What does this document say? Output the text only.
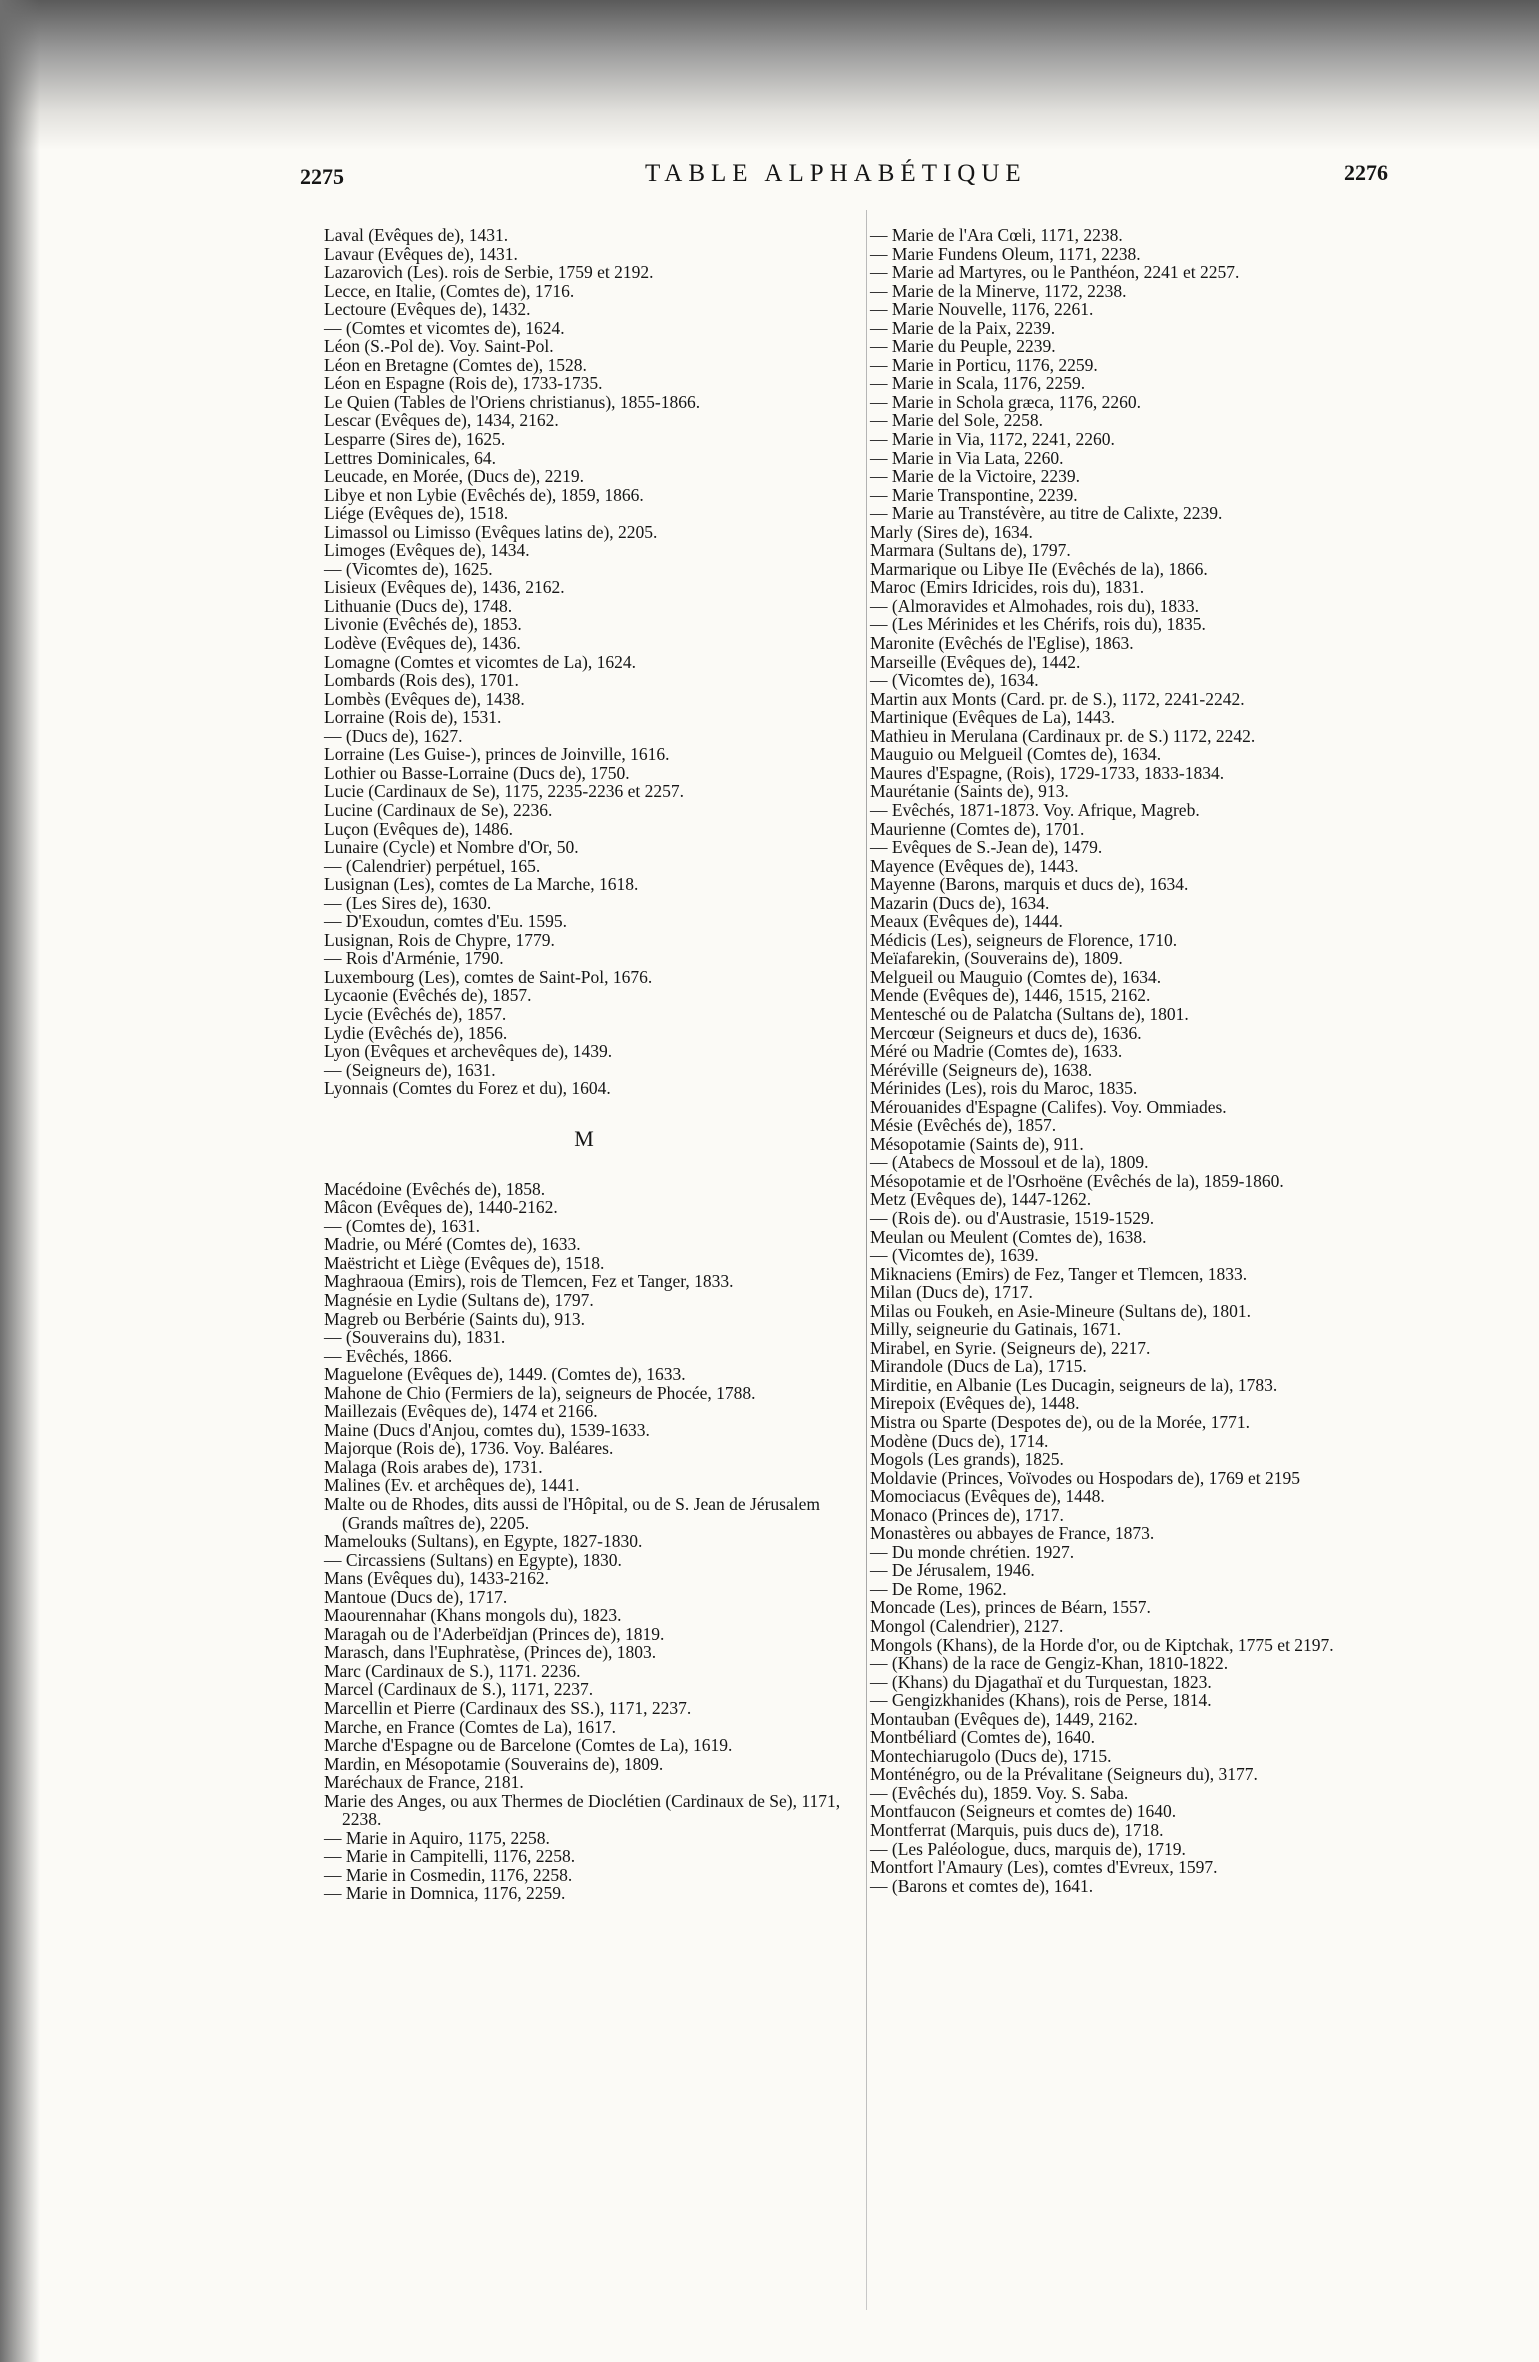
2275	TABLE ALPHABÉTIQUE	2276

Laval (Evêques de), 1431.

Lavaur (Evêques de), 1431.

Lazarovich (Les). rois de Serbie, 1759 et 2192.

Lecce, en Italie, (Comtes de), 1716.

Lectoure (Evêques de), 1432.

— (Comtes et vicomtes de), 1624.

Léon (S.-Pol de). Voy. Saint-Pol.

Léon en Bretagne (Comtes de), 1528.

Léon en Espagne (Rois de), 1733-1735.

Le Quien (Tables de l'Oriens christianus), 1855-1866.

Lescar (Evêques de), 1434, 2162.

Lesparre (Sires de), 1625.

Lettres Dominicales, 64.

Leucade, en Morée, (Ducs de), 2219.

Libye et non Lybie (Evêchés de), 1859, 1866.

Liége (Evêques de), 1518.

Limassol ou Limisso (Evêques latins de), 2205.

Limoges (Evêques de), 1434.

— (Vicomtes de), 1625.

Lisieux (Evêques de), 1436, 2162.

Lithuanie (Ducs de), 1748.

Livonie (Evêchés de), 1853.

Lodève (Evêques de), 1436.

Lomagne (Comtes et vicomtes de La), 1624.

Lombards (Rois des), 1701.

Lombès (Evêques de), 1438.

Lorraine (Rois de), 1531.

— (Ducs de), 1627.

Lorraine (Les Guise-), princes de Joinville, 1616.

Lothier ou Basse-Lorraine (Ducs de), 1750.

Lucie (Cardinaux de Se), 1175, 2235-2236 et 2257.

Lucine (Cardinaux de Se), 2236.

Luçon (Evêques de), 1486.

Lunaire (Cycle) et Nombre d'Or, 50.

— (Calendrier) perpétuel, 165.

Lusignan (Les), comtes de La Marche, 1618.

— (Les Sires de), 1630.

— D'Exoudun, comtes d'Eu. 1595.

Lusignan, Rois de Chypre, 1779.

— Rois d'Arménie, 1790.

Luxembourg (Les), comtes de Saint-Pol, 1676.

Lycaonie (Evêchés de), 1857.

Lycie (Evêchés de), 1857.

Lydie (Evêchés de), 1856.

Lyon (Evêques et archevêques de), 1439.

— (Seigneurs de), 1631.

Lyonnais (Comtes du Forez et du), 1604.

M

Macédoine (Evêchés de), 1858.

Mâcon (Evêques de), 1440-2162.

— (Comtes de), 1631.

Madrie, ou Méré (Comtes de), 1633.

Maëstricht et Liège (Evêques de), 1518.

Maghraoua (Emirs), rois de Tlemcen, Fez et Tanger, 1833.

Magnésie en Lydie (Sultans de), 1797.

Magreb ou Berbérie (Saints du), 913.

— (Souverains du), 1831.

— Evêchés, 1866.

Maguelone (Evêques de), 1449. (Comtes de), 1633.

Mahone de Chio (Fermiers de la), seigneurs de Phocée, 1788.

Maillezais (Evêques de), 1474 et 2166.

Maine (Ducs d'Anjou, comtes du), 1539-1633.

Majorque (Rois de), 1736. Voy. Baléares.

Malaga (Rois arabes de), 1731.

Malines (Ev. et archêques de), 1441.

Malte ou de Rhodes, dits aussi de l'Hôpital, ou de S. Jean de Jérusalem (Grands maîtres de), 2205.

Mamelouks (Sultans), en Egypte, 1827-1830.

— Circassiens (Sultans) en Egypte), 1830.

Mans (Evêques du), 1433-2162.

Mantoue (Ducs de), 1717.

Maourennahar (Khans mongols du), 1823.

Maragah ou de l'Aderbeïdjan (Princes de), 1819.

Marasch, dans l'Euphratèse, (Princes de), 1803.

Marc (Cardinaux de S.), 1171. 2236.

Marcel (Cardinaux de S.), 1171, 2237.

Marcellin et Pierre (Cardinaux des SS.), 1171, 2237.

Marche, en France (Comtes de La), 1617.

Marche d'Espagne ou de Barcelone (Comtes de La), 1619.

Mardin, en Mésopotamie (Souverains de), 1809.

Maréchaux de France, 2181.

Marie des Anges, ou aux Thermes de Dioclétien (Cardinaux de Se), 1171, 2238.

— Marie in Aquiro, 1175, 2258.

— Marie in Campitelli, 1176, 2258.

— Marie in Cosmedin, 1176, 2258.

— Marie in Domnica, 1176, 2259.

— Marie de l'Ara Cœli, 1171, 2238.

— Marie Fundens Oleum, 1171, 2238.

— Marie ad Martyres, ou le Panthéon, 2241 et 2257.

— Marie de la Minerve, 1172, 2238.

— Marie Nouvelle, 1176, 2261.

— Marie de la Paix, 2239.

— Marie du Peuple, 2239.

— Marie in Porticu, 1176, 2259.

— Marie in Scala, 1176, 2259.

— Marie in Schola græca, 1176, 2260.

— Marie del Sole, 2258.

— Marie in Via, 1172, 2241, 2260.

— Marie in Via Lata, 2260.

— Marie de la Victoire, 2239.

— Marie Transpontine, 2239.

— Marie au Transtévère, au titre de Calixte, 2239.

Marly (Sires de), 1634.

Marmara (Sultans de), 1797.

Marmarique ou Libye IIe (Evêchés de la), 1866.

Maroc (Emirs Idricides, rois du), 1831.

— (Almoravides et Almohades, rois du), 1833.

— (Les Mérinides et les Chérifs, rois du), 1835.

Maronite (Evêchés de l'Eglise), 1863.

Marseille (Evêques de), 1442.

— (Vicomtes de), 1634.

Martin aux Monts (Card. pr. de S.), 1172, 2241-2242.

Martinique (Evêques de La), 1443.

Mathieu in Merulana (Cardinaux pr. de S.) 1172, 2242.

Mauguio ou Melgueil (Comtes de), 1634.

Maures d'Espagne, (Rois), 1729-1733, 1833-1834.

Maurétanie (Saints de), 913.

— Evêchés, 1871-1873. Voy. Afrique, Magreb.

Maurienne (Comtes de), 1701.

— Evêques de S.-Jean de), 1479.

Mayence (Evêques de), 1443.

Mayenne (Barons, marquis et ducs de), 1634.

Mazarin (Ducs de), 1634.

Meaux (Evêques de), 1444.

Médicis (Les), seigneurs de Florence, 1710.

Meïafarekin, (Souverains de), 1809.

Melgueil ou Mauguio (Comtes de), 1634.

Mende (Evêques de), 1446, 1515, 2162.

Mentesché ou de Palatcha (Sultans de), 1801.

Mercœur (Seigneurs et ducs de), 1636.

Méré ou Madrie (Comtes de), 1633.

Méréville (Seigneurs de), 1638.

Mérinides (Les), rois du Maroc, 1835.

Mérouanides d'Espagne (Califes). Voy. Ommiades.

Mésie (Evêchés de), 1857.

Mésopotamie (Saints de), 911.

— (Atabecs de Mossoul et de la), 1809.

Mésopotamie et de l'Osrhoëne (Evêchés de la), 1859-1860.

Metz (Evêques de), 1447-1262.

— (Rois de). ou d'Austrasie, 1519-1529.

Meulan ou Meulent (Comtes de), 1638.

— (Vicomtes de), 1639.

Miknaciens (Emirs) de Fez, Tanger et Tlemcen, 1833.

Milan (Ducs de), 1717.

Milas ou Foukeh, en Asie-Mineure (Sultans de), 1801.

Milly, seigneurie du Gatinais, 1671.

Mirabel, en Syrie. (Seigneurs de), 2217.

Mirandole (Ducs de La), 1715.

Mirditie, en Albanie (Les Ducagin, seigneurs de la), 1783.

Mirepoix (Evêques de), 1448.

Mistra ou Sparte (Despotes de), ou de la Morée, 1771.

Modène (Ducs de), 1714.

Mogols (Les grands), 1825.

Moldavie (Princes, Voïvodes ou Hospodars de), 1769 et 2195

Momociacus (Evêques de), 1448.

Monaco (Princes de), 1717.

Monastères ou abbayes de France, 1873.

— Du monde chrétien. 1927.

— De Jérusalem, 1946.

— De Rome, 1962.

Moncade (Les), princes de Béarn, 1557.

Mongol (Calendrier), 2127.

Mongols (Khans), de la Horde d'or, ou de Kiptchak, 1775 et 2197.

— (Khans) de la race de Gengiz-Khan, 1810-1822.

— (Khans) du Djagathaï et du Turquestan, 1823.

— Gengizkhanides (Khans), rois de Perse, 1814.

Montauban (Evêques de), 1449, 2162.

Montbéliard (Comtes de), 1640.

Montechiarugolo (Ducs de), 1715.

Monténégro, ou de la Prévalitane (Seigneurs du), 3177.

— (Evêchés du), 1859. Voy. S. Saba.

Montfaucon (Seigneurs et comtes de) 1640.

Montferrat (Marquis, puis ducs de), 1718.

— (Les Paléologue, ducs, marquis de), 1719.

Montfort l'Amaury (Les), comtes d'Evreux, 1597.

— (Barons et comtes de), 1641.
